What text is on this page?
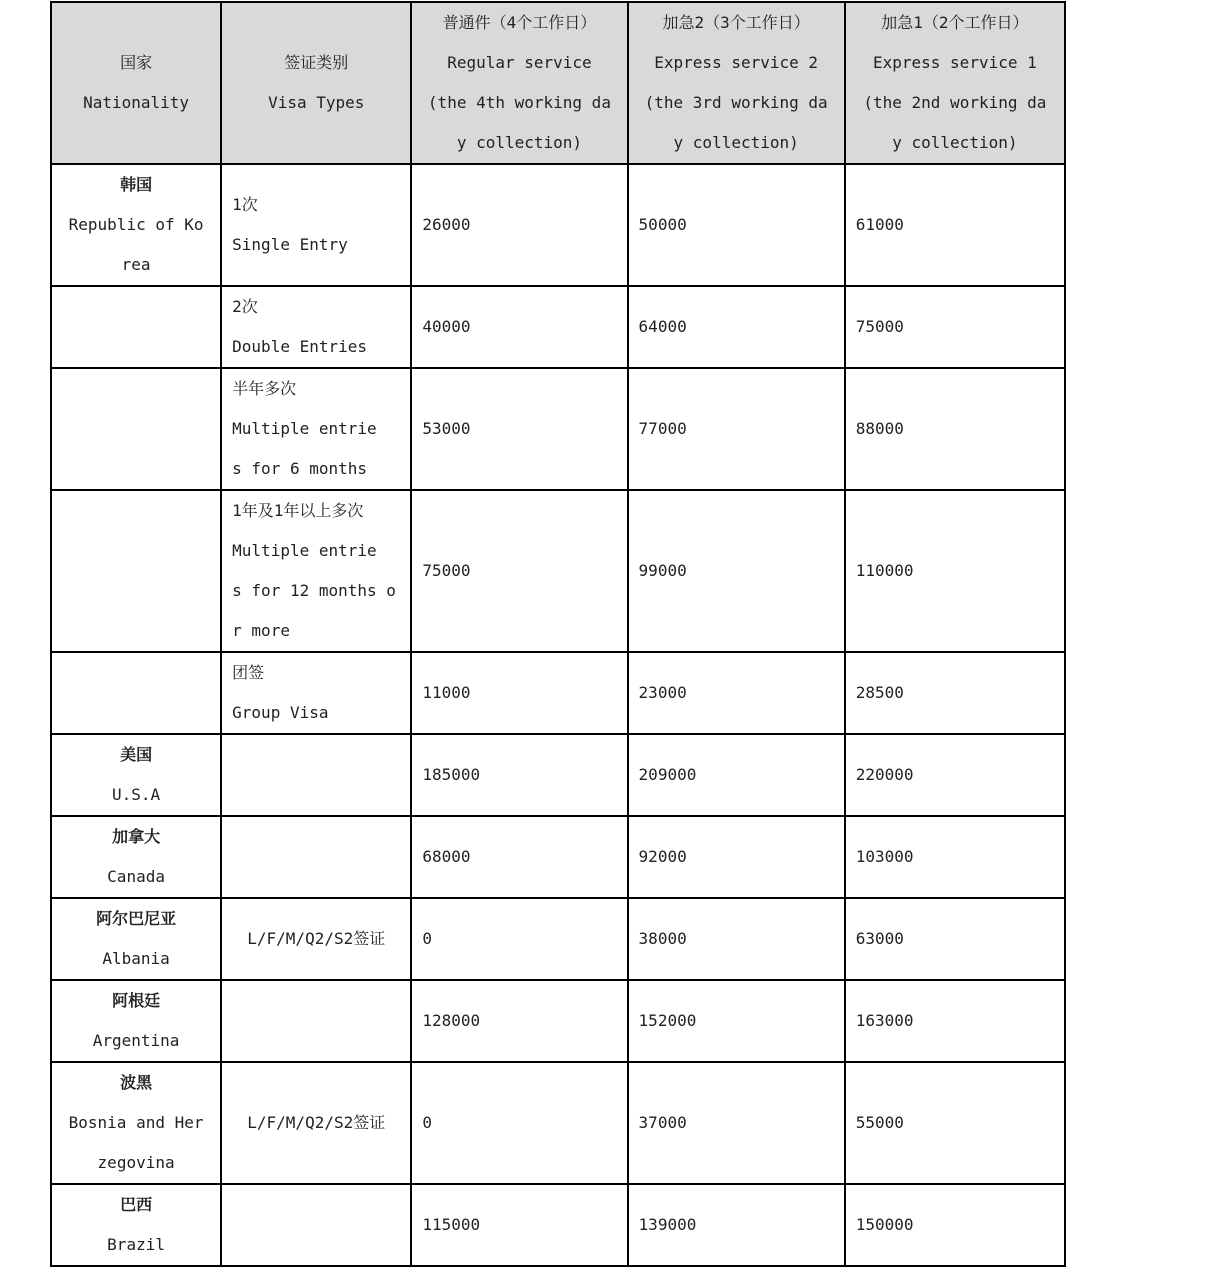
国家
Nationality	签证类别
Visa Types	普通件（4个工作日）
Regular service
(the 4th working da
y collection)	加急2（3个工作日）
Express service 2
(the 3rd working da
y collection)	加急1（2个工作日）
Express service 1
(the 2nd working da
y collection)

韩国
Republic of Ko
rea	1次
Single Entry	26000	50000	61000

	2次
Double Entries	40000	64000	75000

	半年多次
Multiple entrie
s for 6 months	53000	77000	88000

	1年及1年以上多次
Multiple entrie
s for 12 months o
r more	75000	99000	110000

	团签
Group Visa	11000	23000	28500

美国
U.S.A		185000	209000	220000

加拿大
Canada		68000	92000	103000

阿尔巴尼亚
Albania	L/F/M/Q2/S2签证	0	38000	63000

阿根廷
Argentina		128000	152000	163000

波黑
Bosnia and Her
zegovina	L/F/M/Q2/S2签证	0	37000	55000

巴西
Brazil		115000	139000	150000
